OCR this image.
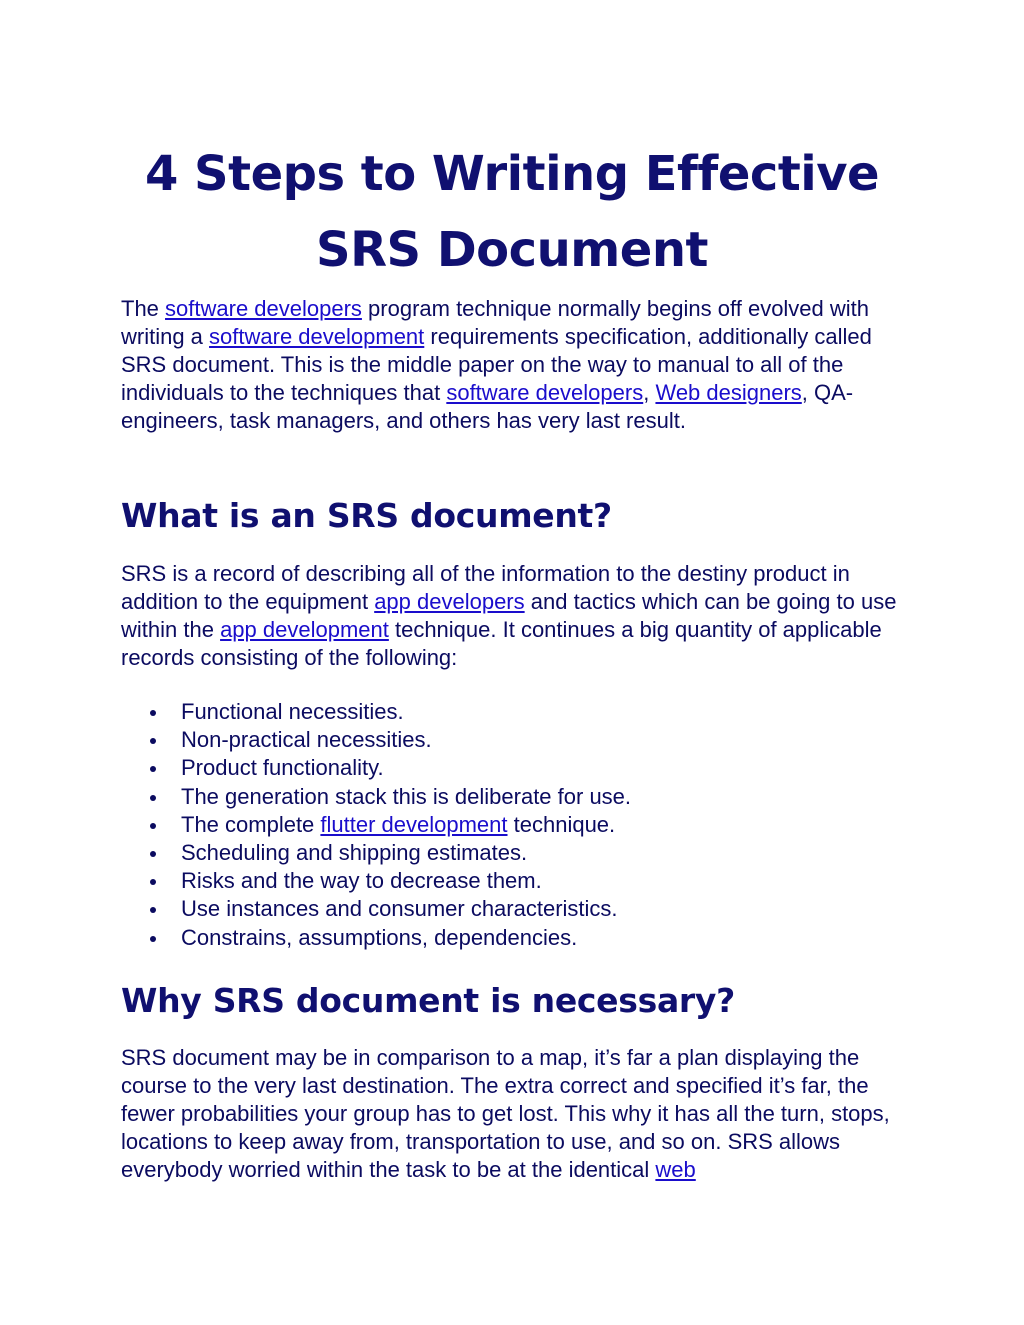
4 Steps to Writing Effective SRS Document

The software developers program technique normally begins off evolved with writing a software development requirements specification, additionally called SRS document. This is the middle paper on the way to manual to all of the individuals to the techniques that software developers, Web designers, QA-engineers, task managers, and others has very last result.

What is an SRS document?

SRS is a record of describing all of the information to the destiny product in addition to the equipment app developers and tactics which can be going to use within the app development technique. It continues a big quantity of applicable records consisting of the following:

Functional necessities.
Non-practical necessities.
Product functionality.
The generation stack this is deliberate for use.
The complete flutter development technique.
Scheduling and shipping estimates.
Risks and the way to decrease them.
Use instances and consumer characteristics.
Constrains, assumptions, dependencies.
Why SRS document is necessary?

SRS document may be in comparison to a map, it’s far a plan displaying the course to the very last destination. The extra correct and specified it’s far, the fewer probabilities your group has to get lost. This why it has all the turn, stops, locations to keep away from, transportation to use, and so on. SRS allows everybody worried within the task to be at the identical web
